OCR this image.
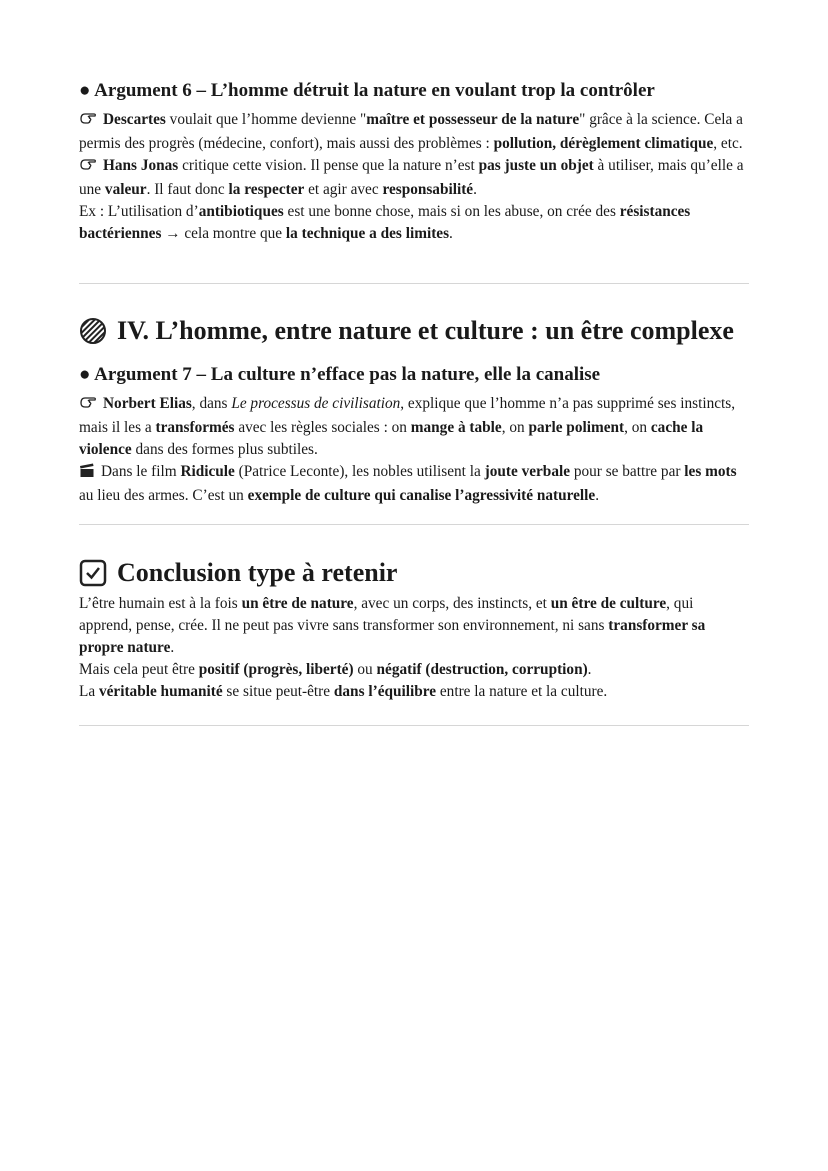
● Argument 6 – L’homme détruit la nature en voulant trop la contrôler

Descartes voulait que l’homme devienne "maître et possesseur de la nature" grâce à la science. Cela a permis des progrès (médecine, confort), mais aussi des problèmes : pollution, dérèglement climatique, etc.

Hans Jonas critique cette vision. Il pense que la nature n’est pas juste un objet à utiliser, mais qu’elle a une valeur. Il faut donc la respecter et agir avec responsabilité.

Ex : L’utilisation d’antibiotiques est une bonne chose, mais si on les abuse, on crée des résistances bactériennes → cela montre que la technique a des limites.

IV. L’homme, entre nature et culture : un être complexe
● Argument 7 – La culture n’efface pas la nature, elle la canalise

Norbert Elias, dans Le processus de civilisation, explique que l’homme n’a pas supprimé ses instincts, mais il les a transformés avec les règles sociales : on mange à table, on parle poliment, on cache la violence dans des formes plus subtiles.

Dans le film Ridicule (Patrice Leconte), les nobles utilisent la joute verbale pour se battre par les mots au lieu des armes. C’est un exemple de culture qui canalise l’agressivité naturelle.

Conclusion type à retenir

L’être humain est à la fois un être de nature, avec un corps, des instincts, et un être de culture, qui apprend, pense, crée. Il ne peut pas vivre sans transformer son environnement, ni sans transformer sa propre nature.

Mais cela peut être positif (progrès, liberté) ou négatif (destruction, corruption).

La véritable humanité se situe peut-être dans l’équilibre entre la nature et la culture.
